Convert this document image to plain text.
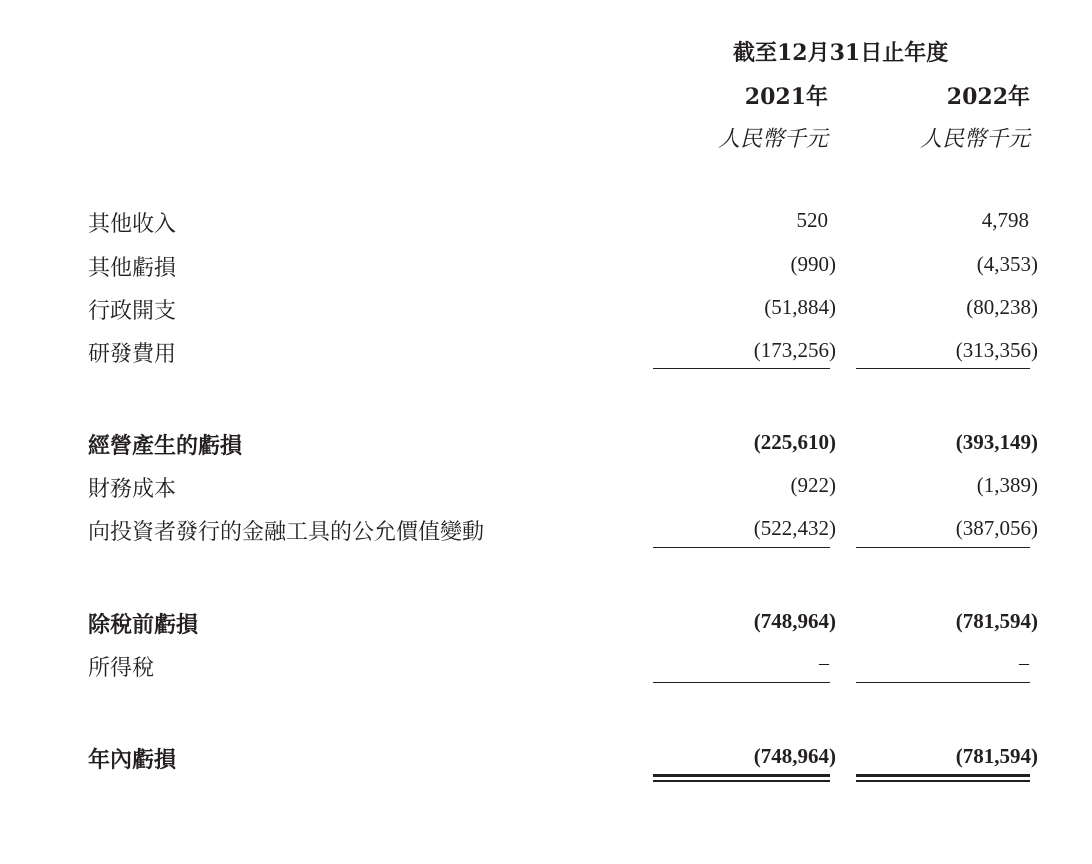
截至12月31日止年度
2021年	2022年
人民幣千元	人民幣千元
其他收入	520	4,798
其他虧損	(990)	(4,353)
行政開支	(51,884)	(80,238)
研發費用	(173,256)	(313,356)
經營產生的虧損	(225,610)	(393,149)
財務成本	(922)	(1,389)
向投資者發行的金融工具的公允價值變動	(522,432)	(387,056)
除稅前虧損	(748,964)	(781,594)
所得稅	–	–
年內虧損	(748,964)	(781,594)
